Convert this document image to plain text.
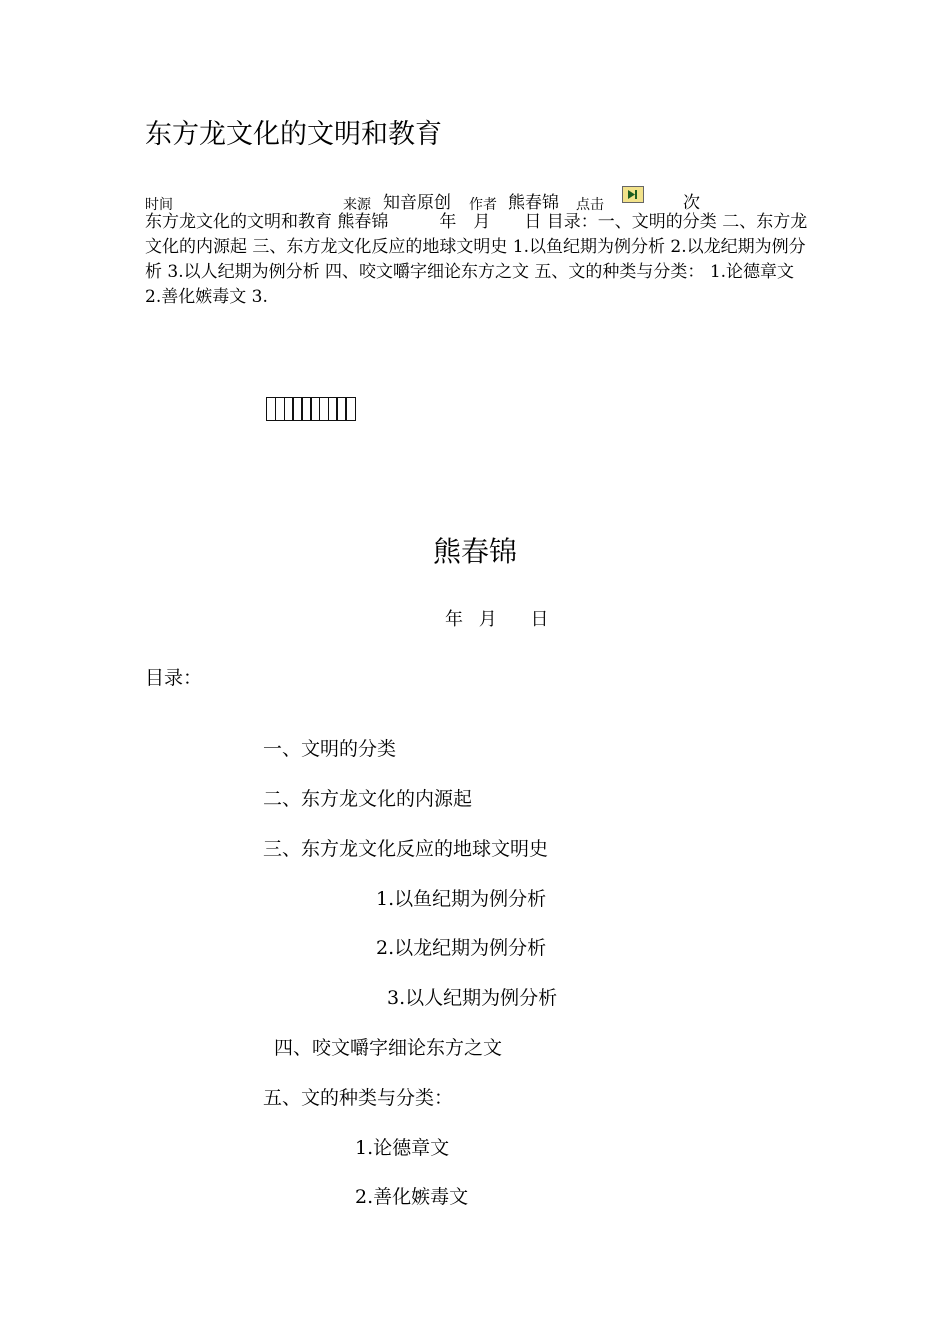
东方龙文化的文明和教育
时间	来源 知音原创 作者 熊春锦 点击	次
东方龙文化的文明和教育 熊春锦　　　年　月　　日 目录：一、文明的分类 二、东方龙文化的内源起 三、东方龙文化反应的地球文明史 1.以鱼纪期为例分析 2.以龙纪期为例分析 3.以人纪期为例分析 四、咬文嚼字细论东方之文 五、文的种类与分类： 1.论德章文 2.善化嫉毒文 3.
熊春锦
年 月 　日
目录：
一、文明的分类
二、东方龙文化的内源起
三、东方龙文化反应的地球文明史
1.以鱼纪期为例分析
2.以龙纪期为例分析
3.以人纪期为例分析
四、咬文嚼字细论东方之文
五、文的种类与分类：
1.论德章文
2.善化嫉毒文
